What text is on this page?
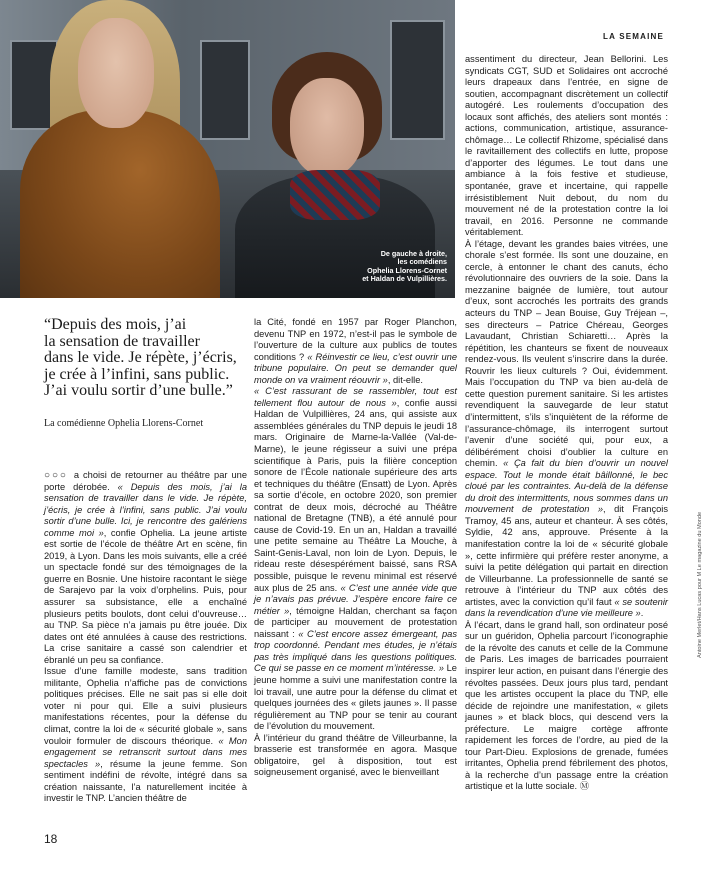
De gauche à droite,
les comédiens
Ophelia Llorens-Cornet
et Haldan de Vulpillières.
LA SEMAINE

“Depuis des mois, j’ai

la sensation de travailler

dans le vide. Je répète, j’écris,

je crée à l’infini, sans public.

J’ai voulu sortir d’une bulle.”

La comédienne Ophelia Llorens-Cornet

○○○ a choisi de retourner au théâtre par une porte dérobée. « Depuis des mois, j’ai la sensation de travailler dans le vide. Je répète, j’écris, je crée à l’infini, sans public. J’ai voulu sortir d’une bulle. Ici, je rencontre des galériens comme moi », confie Ophelia. La jeune artiste est sortie de l’école de théâtre Art en scène, fin 2019, à Lyon. Dans les mois suivants, elle a créé un spectacle fondé sur des témoignages de la guerre en Bosnie. Une histoire racontant le siège de Sarajevo par la voix d’orphelins. Puis, pour assurer sa subsistance, elle a enchaîné plusieurs petits boulots, dont celui d’ouvreuse… au TNP. Sa pièce n’a jamais pu être jouée. Dix dates ont été annulées à cause des restrictions. La crise sanitaire a cassé son calendrier et ébranlé un peu sa confiance.

Issue d’une famille modeste, sans tradition militante, Ophelia n’affiche pas de convictions politiques précises. Elle ne sait pas si elle doit voter ni pour qui. Elle a suivi plusieurs manifestations récentes, pour la défense du climat, contre la loi de « sécurité globale », sans vouloir formuler de discours théorique. « Mon engagement se retranscrit surtout dans mes spectacles », résume la jeune femme. Son sentiment indéfini de révolte, intégré dans sa création naissante, l’a naturellement incitée à investir le TNP. L’ancien théâtre de

la Cité, fondé en 1957 par Roger Planchon, devenu TNP en 1972, n’est-il pas le symbole de l’ouverture de la culture aux publics de toutes conditions ? « Réinvestir ce lieu, c’est ouvrir une tribune populaire. On peut se demander quel monde on va vraiment réouvrir », dit-elle.

« C’est rassurant de se rassembler, tout est tellement flou autour de nous », confie aussi Haldan de Vulpillières, 24 ans, qui assiste aux assemblées générales du TNP depuis le jeudi 18 mars. Originaire de Marne-la-Vallée (Val-de-Marne), le jeune régisseur a suivi une prépa scientifique à Paris, puis la filière conception sonore de l’École nationale supérieure des arts et techniques du théâtre (Ensatt) de Lyon. Après sa sortie d’école, en octobre 2020, son premier contrat de deux mois, décroché au Théâtre national de Bretagne (TNB), a été annulé pour cause de Covid-19. En un an, Haldan a travaillé une petite semaine au Théâtre La Mouche, à Saint-Genis-Laval, non loin de Lyon. Depuis, le rideau reste désespérément baissé, sans RSA possible, puisque le revenu minimal est réservé aux plus de 25 ans. « C’est une année vide que je n’avais pas prévue. J’espère encore faire ce métier », témoigne Haldan, cherchant sa façon de participer au mouvement de protestation naissant : « C’est encore assez émergeant, pas trop coordonné. Pendant mes études, je n’étais pas très impliqué dans les questions politiques. Ce qui se passe en ce moment m’intéresse. » Le jeune homme a suivi une manifestation contre la loi travail, une autre pour la défense du climat et quelques journées des « gilets jaunes ». Il passe régulièrement au TNP pour se tenir au courant de l’évolution du mouvement.

À l’intérieur du grand théâtre de Villeurbanne, la brasserie est transformée en agora. Masque obligatoire, gel à disposition, tout est soigneusement organisé, avec le bienveillant

assentiment du directeur, Jean Bellorini. Les syndicats CGT, SUD et Solidaires ont accroché leurs drapeaux dans l’entrée, en signe de soutien, accompagnant discrètement un collectif autogéré. Les roulements d’occupation des locaux sont affichés, des ateliers sont montés : actions, communication, artistique, assurance-chômage… Le collectif Rhizome, spécialisé dans le ravitaillement des collectifs en lutte, propose d’apporter des légumes. Le tout dans une ambiance à la fois festive et studieuse, spontanée, grave et incertaine, qui rappelle irrésistiblement Nuit debout, du nom du mouvement né de la protestation contre la loi travail, en 2016. Personne ne commande véritablement.

À l’étage, devant les grandes baies vitrées, une chorale s’est formée. Ils sont une douzaine, en cercle, à entonner le chant des canuts, écho révolutionnaire des ouvriers de la soie. Dans la mezzanine baignée de lumière, tout autour d’eux, sont accrochés les portraits des grands acteurs du TNP – Jean Bouise, Guy Tréjean –, ses directeurs – Patrice Chéreau, Georges Lavaudant, Christian Schiaretti… Après la répétition, les chanteurs se fixent de nouveaux rendez-vous. Ils veulent s’inscrire dans la durée. Rouvrir les lieux culturels ? Oui, évidemment. Mais l’occupation du TNP va bien au-delà de cette question purement sanitaire. Si les artistes revendiquent la sauvegarde de leur statut d’intermittent, s’ils s’inquiètent de la réforme de l’assurance-chômage, ils interrogent surtout l’avenir d’une société qui, pour eux, a délibérément choisi d’oublier la culture en chemin. « Ça fait du bien d’ouvrir un nouvel espace. Tout le monde était bâillonné, le bec cloué par les contraintes. Au-delà de la défense du droit des intermittents, nous sommes dans un mouvement de protestation », dit François Tramoy, 45 ans, auteur et chanteur. À ses côtés, Syldie, 42 ans, approuve. Présente à la manifestation contre la loi de « sécurité globale », cette infirmière qui préfère rester anonyme, a suivi la petite délégation qui partait en direction de Villeurbanne. La professionnelle de santé se retrouve à l’intérieur du TNP aux côtés des artistes, avec la conviction qu’il faut « se soutenir dans la revendication d’une vie meilleure ».

À l’écart, dans le grand hall, son ordinateur posé sur un guéridon, Ophelia parcourt l’iconographie de la révolte des canuts et celle de la Commune de Paris. Les images de barricades pourraient inspirer leur action, en puisant dans l’énergie des révoltes passées. Deux jours plus tard, pendant que les artistes occupent la place du TNP, elle décide de rejoindre une manifestation, « gilets jaunes » et black blocs, qui descend vers la préfecture. Le maigre cortège affronte rapidement les forces de l’ordre, au pied de la tour Part-Dieu. Explosions de grenade, fumées irritantes, Ophelia prend fébrilement des photos, à la recherche d’un passage entre la création artistique et la lutte sociale. Ⓜ

18
Antoine Merlet/Hans Lucas pour M Le magazine du Monde
